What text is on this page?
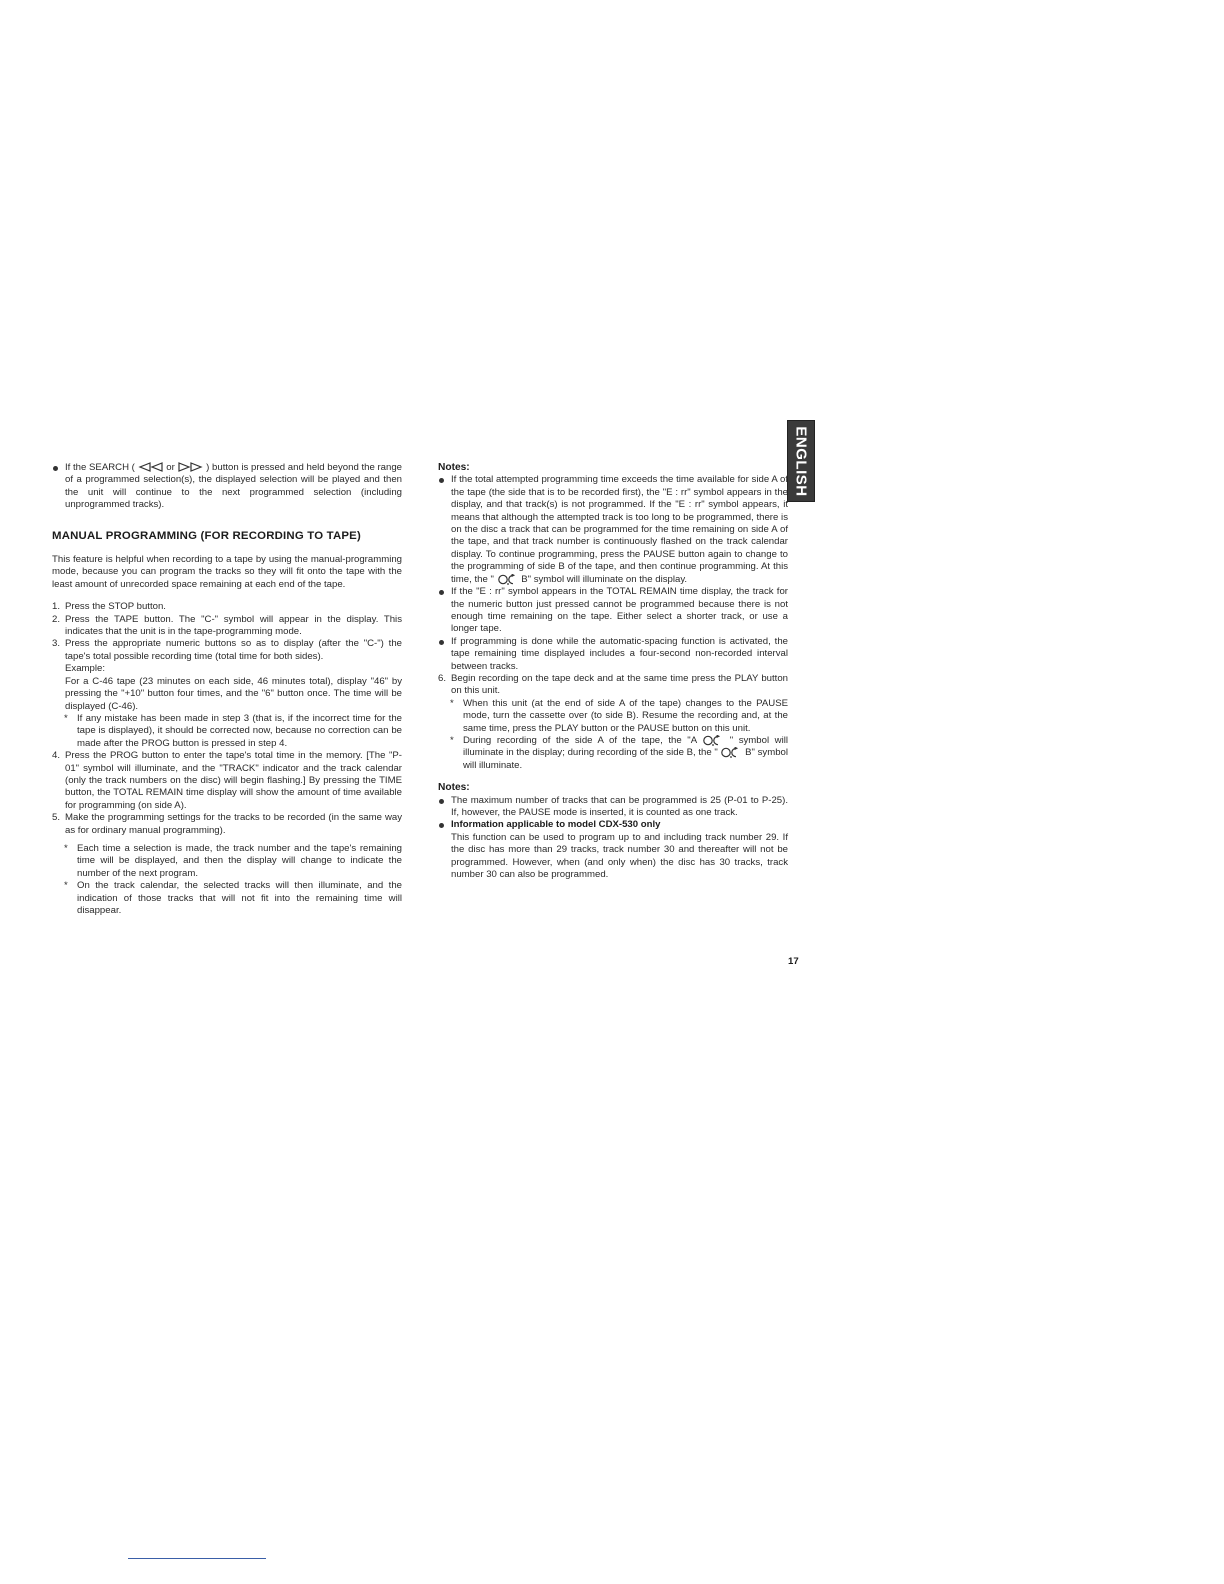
ENGLISH
If the SEARCH (	or	) button is pressed and held beyond the range of a programmed selection(s), the displayed selection will be played and then the unit will continue to the next programmed selection (including unprogrammed tracks).
MANUAL PROGRAMMING (FOR RECORDING TO TAPE)
This feature is helpful when recording to a tape by using the manual-programming mode, because you can program the tracks so they will fit onto the tape with the least amount of unrecorded space remaining at each end of the tape.
1. Press the STOP button.
2. Press the TAPE button. The "C-" symbol will appear in the display. This indicates that the unit is in the tape-programming mode.
3. Press the appropriate numeric buttons so as to display (after the "C-") the tape's total possible recording time (total time for both sides).
Example:
For a C-46 tape (23 minutes on each side, 46 minutes total), display "46" by pressing the "+10" button four times, and the "6" button once. The time will be displayed (C-46).
* If any mistake has been made in step 3 (that is, if the incorrect time for the tape is displayed), it should be corrected now, because no correction can be made after the PROG button is pressed in step 4.
4. Press the PROG button to enter the tape's total time in the memory. [The "P-01" symbol will illuminate, and the "TRACK" indicator and the track calendar (only the track numbers on the disc) will begin flashing.] By pressing the TIME button, the TOTAL REMAIN time display will show the amount of time available for programming (on side A).
5. Make the programming settings for the tracks to be recorded (in the same way as for ordinary manual programming).
* Each time a selection is made, the track number and the tape's remaining time will be displayed, and then the display will change to indicate the number of the next program.
* On the track calendar, the selected tracks will then illuminate, and the indication of those tracks that will not fit into the remaining time will disappear.
Notes:
If the total attempted programming time exceeds the time available for side A of the tape (the side that is to be recorded first), the "E : rr" symbol appears in the display, and that track(s) is not programmed. If the "E : rr" symbol appears, it means that although the attempted track is too long to be programmed, there is on the disc a track that can be programmed for the time remaining on side A of the tape, and that track number is continuously flashed on the track calendar display. To continue programming, press the PAUSE button again to change to the programming of side B of the tape, and then continue programming. At this time, the "	B" symbol will illuminate on the display.
If the "E : rr" symbol appears in the TOTAL REMAIN time display, the track for the numeric button just pressed cannot be programmed because there is not enough time remaining on the tape. Either select a shorter track, or use a longer tape.
If programming is done while the automatic-spacing function is activated, the tape remaining time displayed includes a four-second non-recorded interval between tracks.
6. Begin recording on the tape deck and at the same time press the PLAY button on this unit.
* When this unit (at the end of side A of the tape) changes to the PAUSE mode, turn the cassette over (to side B). Resume the recording and, at the same time, press the PLAY button or the PAUSE button on this unit.
* During recording of the side A of the tape, the "A	" symbol will illuminate in the display; during recording of the side B, the "	B" symbol will illuminate.
Notes:
The maximum number of tracks that can be programmed is 25 (P-01 to P-25). If, however, the PAUSE mode is inserted, it is counted as one track.
Information applicable to model CDX-530 only
This function can be used to program up to and including track number 29. If the disc has more than 29 tracks, track number 30 and thereafter will not be programmed. However, when (and only when) the disc has 30 tracks, track number 30 can also be programmed.
17
